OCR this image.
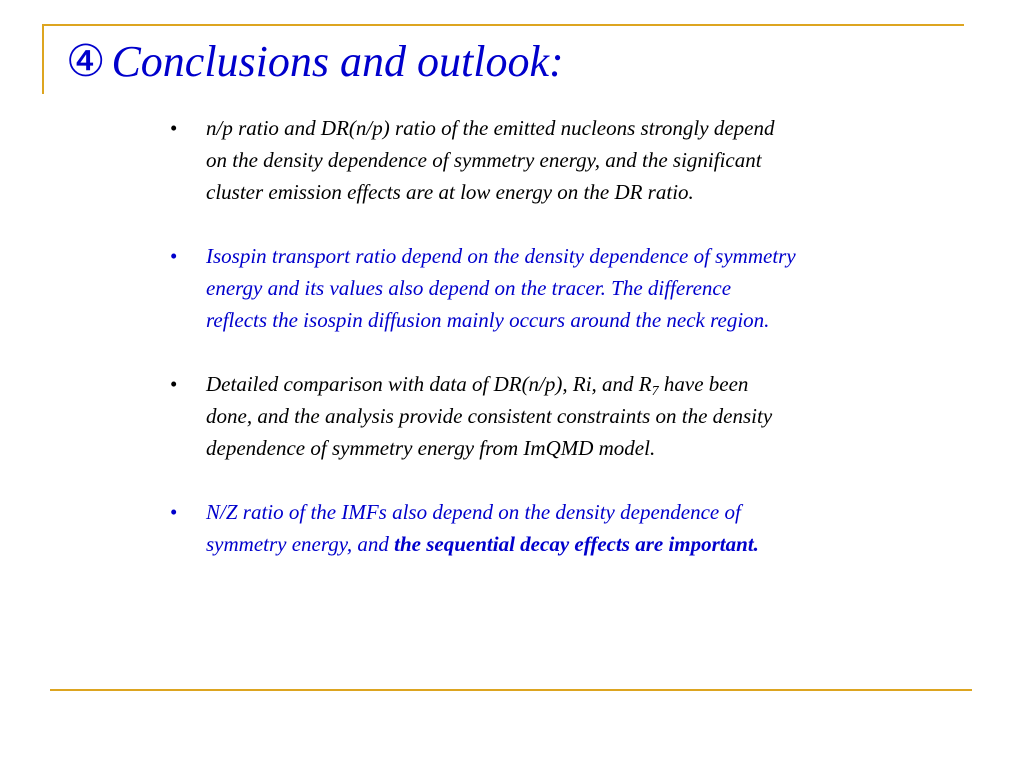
④ Conclusions and outlook:
• n/p ratio and DR(n/p) ratio of the emitted nucleons strongly depend on the density dependence of symmetry energy, and the significant cluster emission effects are at low energy on the DR ratio.
• Isospin transport ratio depend on the density dependence of symmetry energy and its values also depend on the tracer. The difference reflects the isospin diffusion mainly occurs around the neck region.
• Detailed comparison with data of DR(n/p), Ri, and $R_7$ have been done, and the analysis provide consistent constraints on the density dependence of symmetry energy from ImQMD model.
• N/Z ratio of the IMFs also depend on the density dependence of symmetry energy, and the sequential decay effects are important.
